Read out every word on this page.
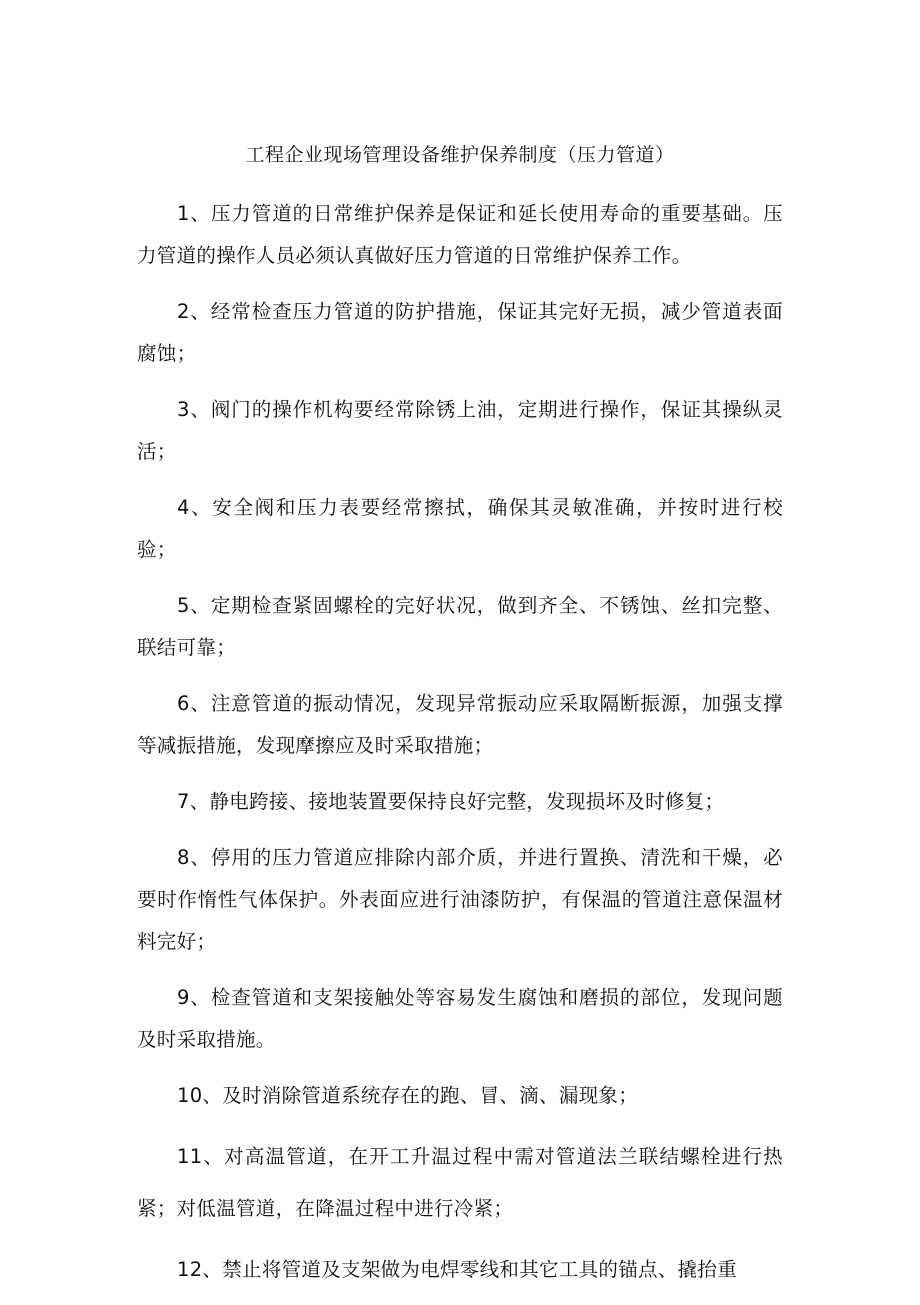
工程企业现场管理设备维护保养制度（压力管道）

1、压力管道的日常维护保养是保证和延长使用寿命的重要基础。压力管道的操作人员必须认真做好压力管道的日常维护保养工作。

2、经常检查压力管道的防护措施，保证其完好无损，减少管道表面腐蚀；

3、阀门的操作机构要经常除锈上油，定期进行操作，保证其操纵灵活；

4、安全阀和压力表要经常擦拭，确保其灵敏准确，并按时进行校验；

5、定期检查紧固螺栓的完好状况，做到齐全、不锈蚀、丝扣完整、联结可靠；

6、注意管道的振动情况，发现异常振动应采取隔断振源，加强支撑等减振措施，发现摩擦应及时采取措施；

7、静电跨接、接地装置要保持良好完整，发现损坏及时修复；

8、停用的压力管道应排除内部介质，并进行置换、清洗和干燥，必要时作惰性气体保护。外表面应进行油漆防护，有保温的管道注意保温材料完好；

9、检查管道和支架接触处等容易发生腐蚀和磨损的部位，发现问题及时采取措施。

10、及时消除管道系统存在的跑、冒、滴、漏现象；

11、对高温管道，在开工升温过程中需对管道法兰联结螺栓进行热紧；对低温管道，在降温过程中进行冷紧；

12、禁止将管道及支架做为电焊零线和其它工具的锚点、撬抬重
